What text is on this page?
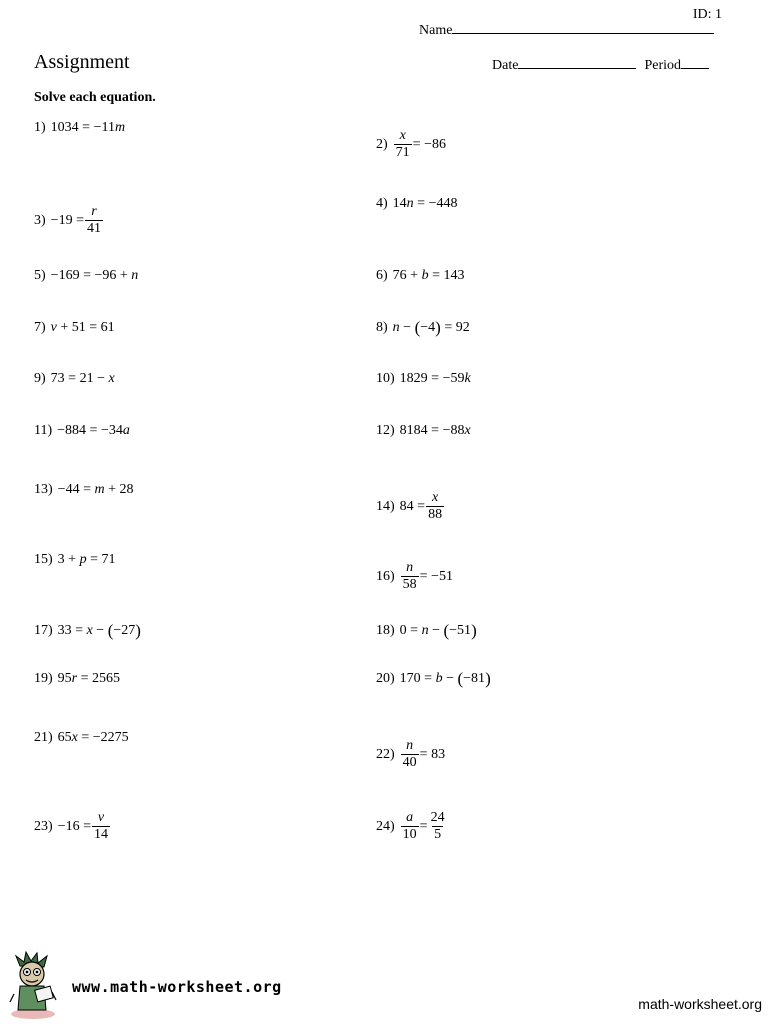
ID: 1
Name
Assignment	Date	Period
Solve each equation.
1) 1034 = −11 m
$2) \frac{x}{71} = -86$
$3) -19 = \frac{r}{41}$
4) 14 n = −448
5) −169 = −96 + n	6) 76 + b = 143
7) v + 51 = 61	8) n − ( −4 ) = 92
9) 73 = 21 − x	10) 1829 = −59 k
11) −884 = −34 a	12) 8184 = −88 x
13) −44 = m + 28
14) $84 = \frac{x}{88}$
15) 3 + p = 71
$16) \frac{n}{58} = -51$
17) 33 = x − ( −27 )	18) 0 = n − ( −51 )
19) 95 r = 2565	20) 170 = b − ( −81 )
21) 65 x = −2275
$22) \frac{n}{40} = 83$
$23) -16 = \frac{v}{14}$	$24) \frac{a}{10} = \frac{24}{5}$
www.math-worksheet.org
math-worksheet.org
